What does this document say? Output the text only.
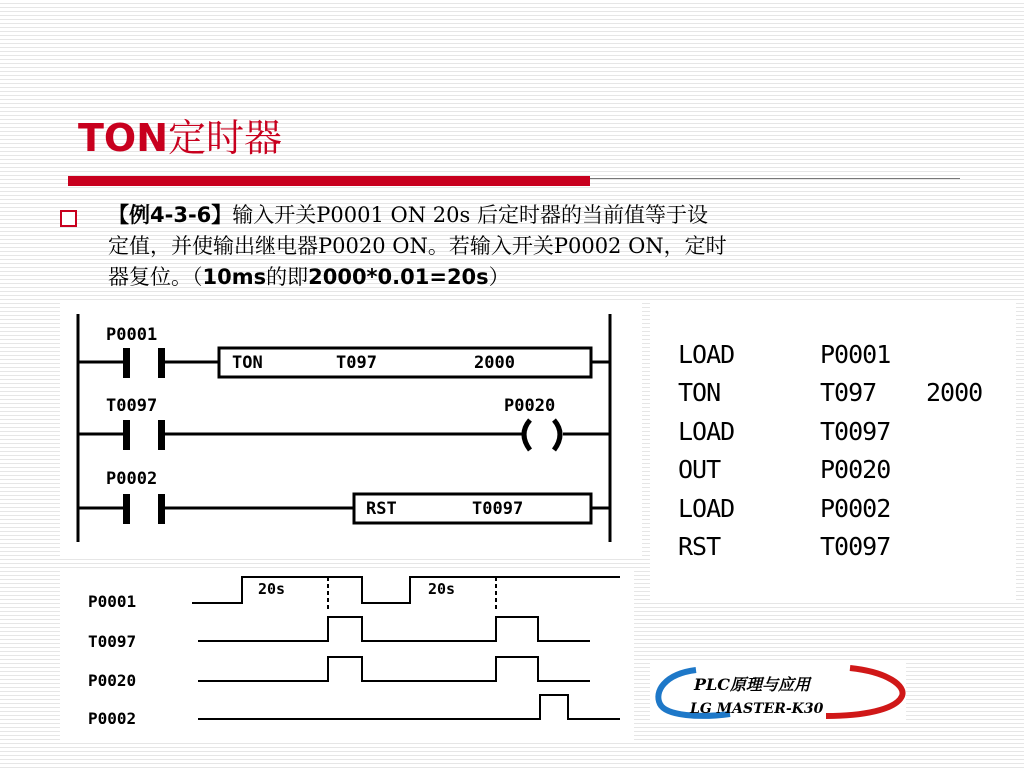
TON定时器
【例4-3-6】输入开关P0001 ON 20s 后定时器的当前值等于设
定值，并使输出继电器P0020 ON。若输入开关P0002 ON，定时
器复位。（10ms的即2000*0.01=20s）
P0001
TON	T097	2000
T0097	P0020
P0002
RST	T0097
LOAD	P0001	
TON	T097	2000
LOAD	T0097	
OUT	P0020	
LOAD	P0002	
RST	T0097	
P0001
T0097
P0020
P0002
20s	20s
PLC原理与应用
LG MASTER-K30
